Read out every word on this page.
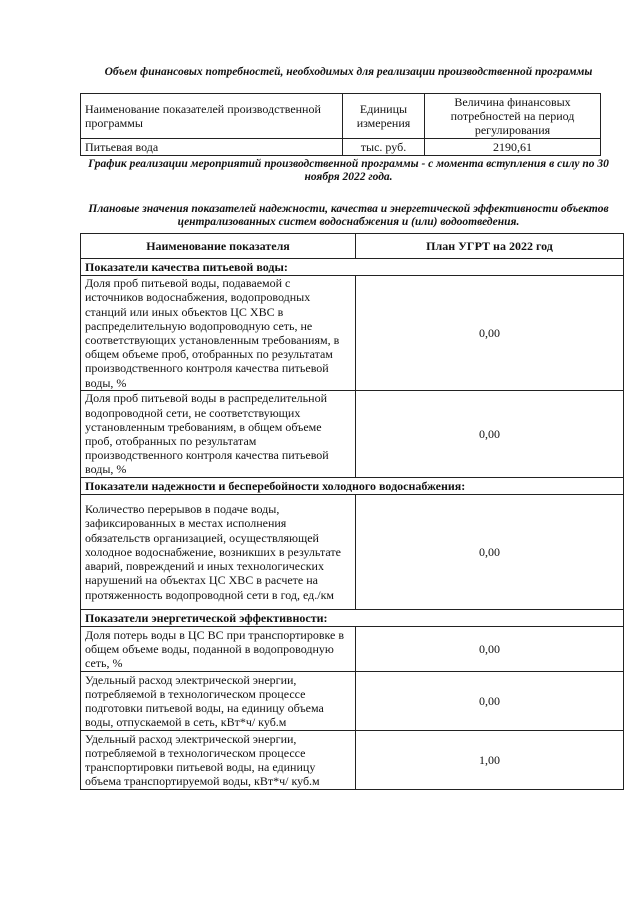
Объем финансовых потребностей, необходимых для реализации производственной программы
Наименование показателей производственной программы	Единицы измерения	Величина финансовых потребностей на период регулирования
Питьевая вода	тыс. руб.	2190,61
График реализации мероприятий производственной программы - с момента вступления в силу по 30 ноября 2022 года.
Плановые значения показателей надежности, качества и энергетической эффективности объектов централизованных систем водоснабжения и (или) водоотведения.
Наименование показателя	План УГРТ на 2022 год
Показатели качества питьевой воды:	
Доля проб питьевой воды, подаваемой с источников водоснабжения, водопроводных станций или иных объектов ЦС ХВС в распределительную водопроводную сеть, не соответствующих установленным требованиям, в общем объеме проб, отобранных по результатам производственного контроля качества питьевой воды, %	0,00
Доля проб питьевой воды в распределительной водопроводной сети, не соответствующих установленным требованиям, в общем объеме проб, отобранных по результатам производственного контроля качества питьевой воды, %	0,00
Показатели надежности и бесперебойности холодного водоснабжения:	
Количество перерывов в подаче воды, зафиксированных в местах исполнения обязательств организацией, осуществляющей холодное водоснабжение, возникших в результате аварий, повреждений и иных технологических нарушений на объектах ЦС ХВС в расчете на протяженность водопроводной сети в год, ед./км	0,00
Показатели энергетической эффективности:	
Доля потерь воды в ЦС ВС при транспортировке в общем объеме воды, поданной в водопроводную сеть, %	0,00
Удельный расход электрической энергии, потребляемой в технологическом процессе подготовки питьевой воды, на единицу объема воды, отпускаемой в сеть, кВт*ч/ куб.м	0,00
Удельный расход электрической энергии, потребляемой в технологическом процессе транспортировки питьевой воды, на единицу объема транспортируемой воды, кВт*ч/ куб.м	1,00
